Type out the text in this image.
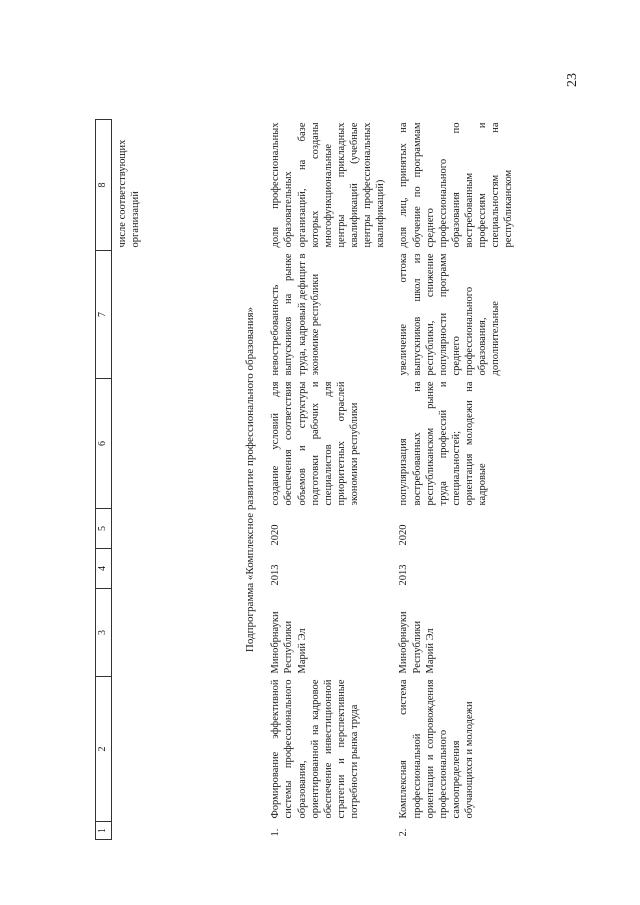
23
1	2	3	4	5	6	7	8
							числе соответствующих организаций
Подпрограмма «Комплексное развитие профессионального образования»							
1.	Формирование эффективной системы профессионального образования, ориентированной на кадровое обеспечение инвестиционной стратегии и перспективные потребности рынка труда	Минобрнауки Республики Марий Эл	2013	2020	создание условий для обеспечения соответствия объемов и структуры подготовки рабочих и специалистов для приоритетных отраслей экономики республики	невостребованность выпускников на рынке труда, кадровый дефицит в экономике республики	доля профессиональных образовательных организаций, на базе которых созданы многофункциональные центры прикладных квалификаций (учебные центры профессиональных квалификаций)
2.	Комплексная система профессиональной ориентации и сопровождения профессионального самоопределения обучающихся и молодежи	Минобрнауки Республики Марий Эл	2013	2020	популяризация востребованных на республиканском рынке труда профессий и специальностей; ориентация молодежи на кадровые	увеличение оттока выпускников школ из республики, снижение популярности программ среднего профессионального образования, дополнительные	доля лиц, принятых на обучение по программам среднего профессионального образования по востребованным профессиям и специальностям на республиканском
